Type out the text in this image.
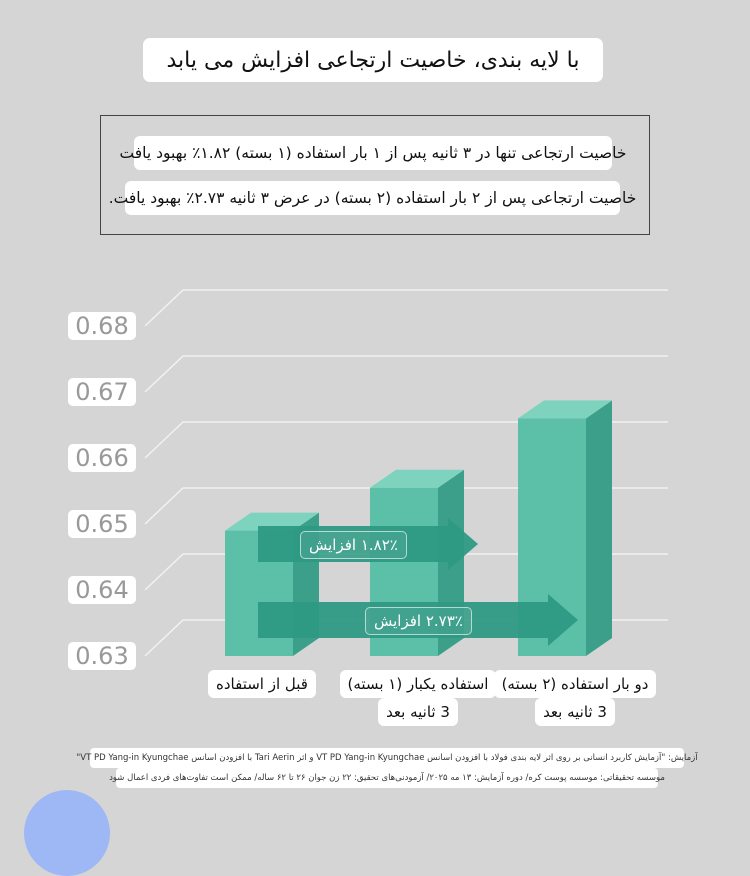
با لایه بندی، خاصیت ارتجاعی افزایش می یابد
خاصیت ارتجاعی تنها در ۳ ثانیه پس از ۱ بار استفاده (۱ بسته) ۱.۸۲٪ بهبود یافت
خاصیت ارتجاعی پس از ۲ بار استفاده (۲ بسته) در عرض ۳ ثانیه ۲.۷۳٪ بهبود یافت.
0.63
0.64
0.65
0.66
0.67
0.68
۱.۸۲٪ افزایش
۲.۷۳٪ افزایش
قبل از استفاده	استفاده یکبار (۱ بسته)
3 ثانیه بعد
دو بار استفاده (۲ بسته)
3 ثانیه بعد
آزمایش: "آزمایش کاربرد انسانی بر روی اثر لایه بندی فولاد با افزودن اسانس VT PD Yang-in Kyungchae و اثر Tari Aerin با افزودن اسانس VT PD Yang-in Kyungchae"
موسسه تحقیقاتی: موسسه پوست کره/ دوره آزمایش: ۱۳ مه ۲۰۲۵/ آزمودنی‌های تحقیق: ۲۲ زن جوان ۲۶ تا ۶۲ ساله/ ممکن است تفاوت‌های فردی اعمال شود
